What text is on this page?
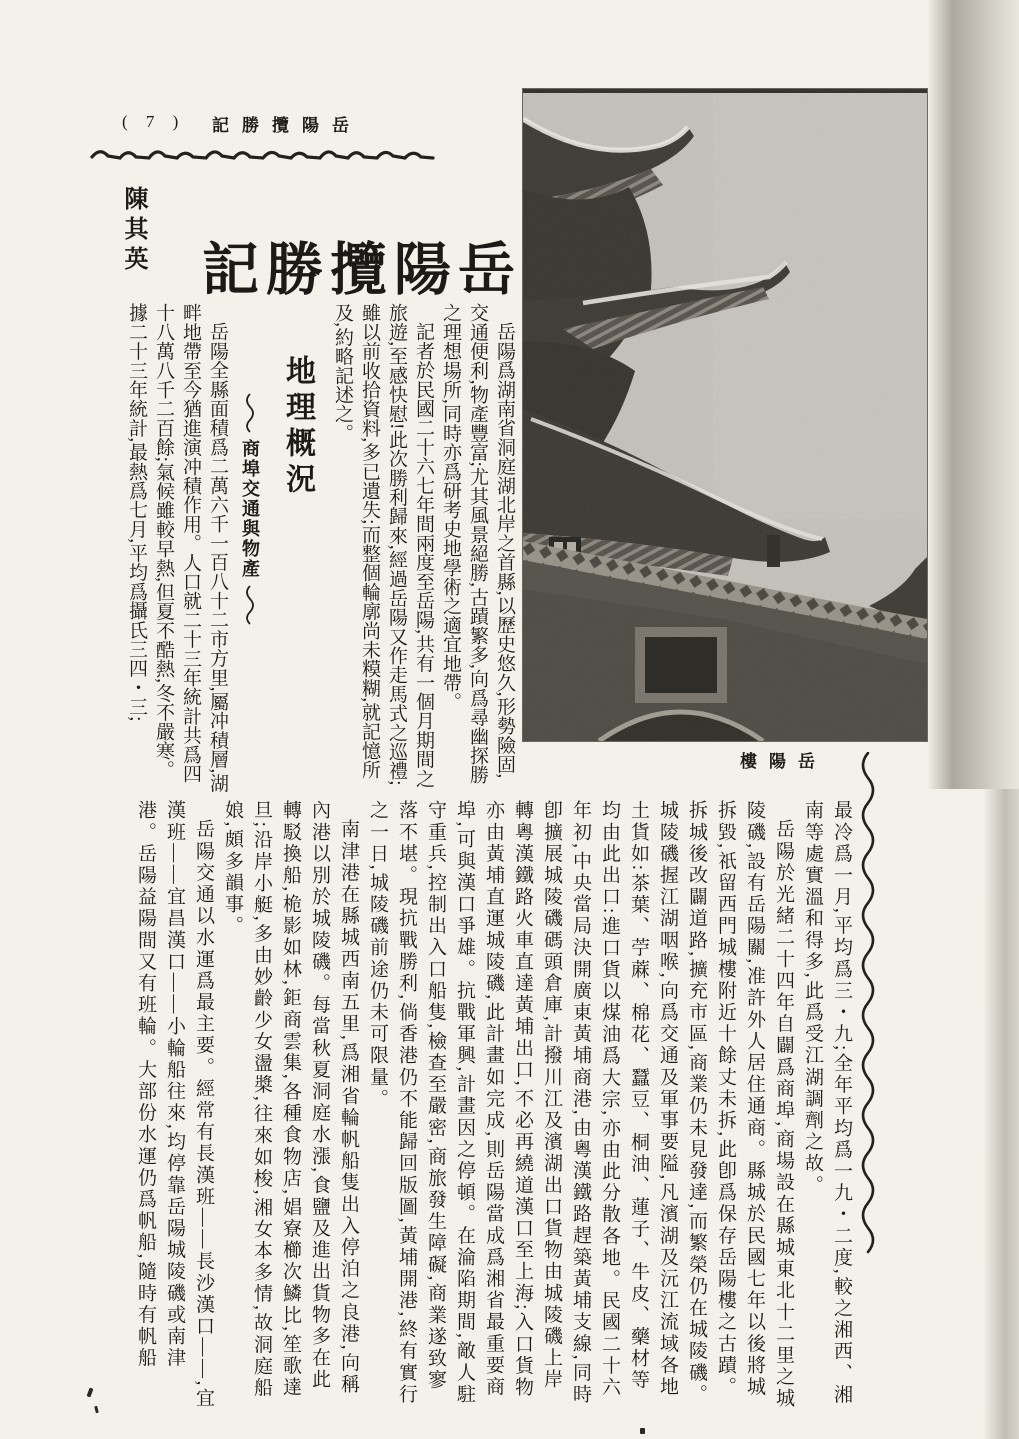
( 7 ) 記勝攬陽岳
記勝攬陽岳
陳其英

岳陽爲湖南省洞庭湖北岸之首縣,以歷史悠久,形勢險固,交通便利,物產豐富;尤其風景絕勝,古蹟繁多,向爲尋幽探勝之理想場所,同時亦爲研考史地學術之適宜地帶。

記者於民國二十六七年間兩度至岳陽,共有一個月期間之旅遊,至感快慰!此次勝利歸來,經過岳陽又作走馬式之巡禮;雖以前收拾資料,多已遺失;而整個輪廓尚未糢糊,就記憶所及,約略記述之。

地理概況
商埠交通與物產

岳陽全縣面積爲二萬六千一百八十二市方里,屬冲積層,湖畔地帶至今猶進演冲積作用。人口就二十三年統計共爲四十八萬八千二百餘;氣候雖較早熱,但夏不酷熱,冬不嚴寒。據二十三年統計,最熱爲七月,平均爲攝氏三四・三;

樓陽岳

最冷爲一月,平均爲三・九;全年平均爲一九・二度,較之湘西、湘南等處實溫和得多,此爲受江湖調劑之故。

岳陽於光緒二十四年自闢爲商埠,商場設在縣城東北十二里之城陵磯,設有岳陽關,准許外人居住通商。縣城於民國七年以後將城拆毀,祇留西門城樓附近十餘丈未拆,此卽爲保存岳陽樓之古蹟。拆城後改闢道路,擴充市區,商業仍未見發達,而繁榮仍在城陵磯。城陵磯握江湖咽喉,向爲交通及軍事要隘,凡濱湖及沅江流域各地土貨如:茶葉、苧蔴、棉花、蠶豆、桐油、蓮子、牛皮、藥材等均由此出口:進口貨以煤油爲大宗,亦由此分散各地。民國二十六年初,中央當局決開廣東黃埔商港,由粵漢鐵路趕築黃埔支線,同時卽擴展城陵磯碼頭倉庫,計撥川江及濱湖出口貨物由城陵磯上岸轉粵漢鐵路火車直達黃埔出口,不必再繞道漢口至上海;入口貨物亦由黃埔直運城陵磯,此計畫如完成,則岳陽當成爲湘省最重要商埠,可與漢口爭雄。抗戰軍興,計畫因之停頓。在淪陷期間,敵人駐守重兵,控制出入口船隻,檢查至嚴密,商旅發生障礙,商業遂致寥落不堪。現抗戰勝利,倘香港仍不能歸回版圖,黃埔開港,終有實行之一日,城陵磯前途仍未可限量。

南津港在縣城西南五里,爲湘省輪帆船隻出入停泊之良港,向稱內港以別於城陵磯。每當秋夏洞庭水漲,食鹽及進出貨物多在此轉駁換船,桅影如林,鉅商雲集,各種食物店,娼寮櫛次鱗比,笙歌達旦;沿岸小艇,多由妙齡少女盪槳,往來如梭,湘女本多情,故洞庭船娘,頗多韻事。

岳陽交通以水運爲最主要。經常有長漢班——長沙漢口——,宜漢班——宜昌漢口——小輪船往來,均停靠岳陽城陵磯或南津港。岳陽益陽間又有班輪。大部份水運仍爲帆船,隨時有帆船
